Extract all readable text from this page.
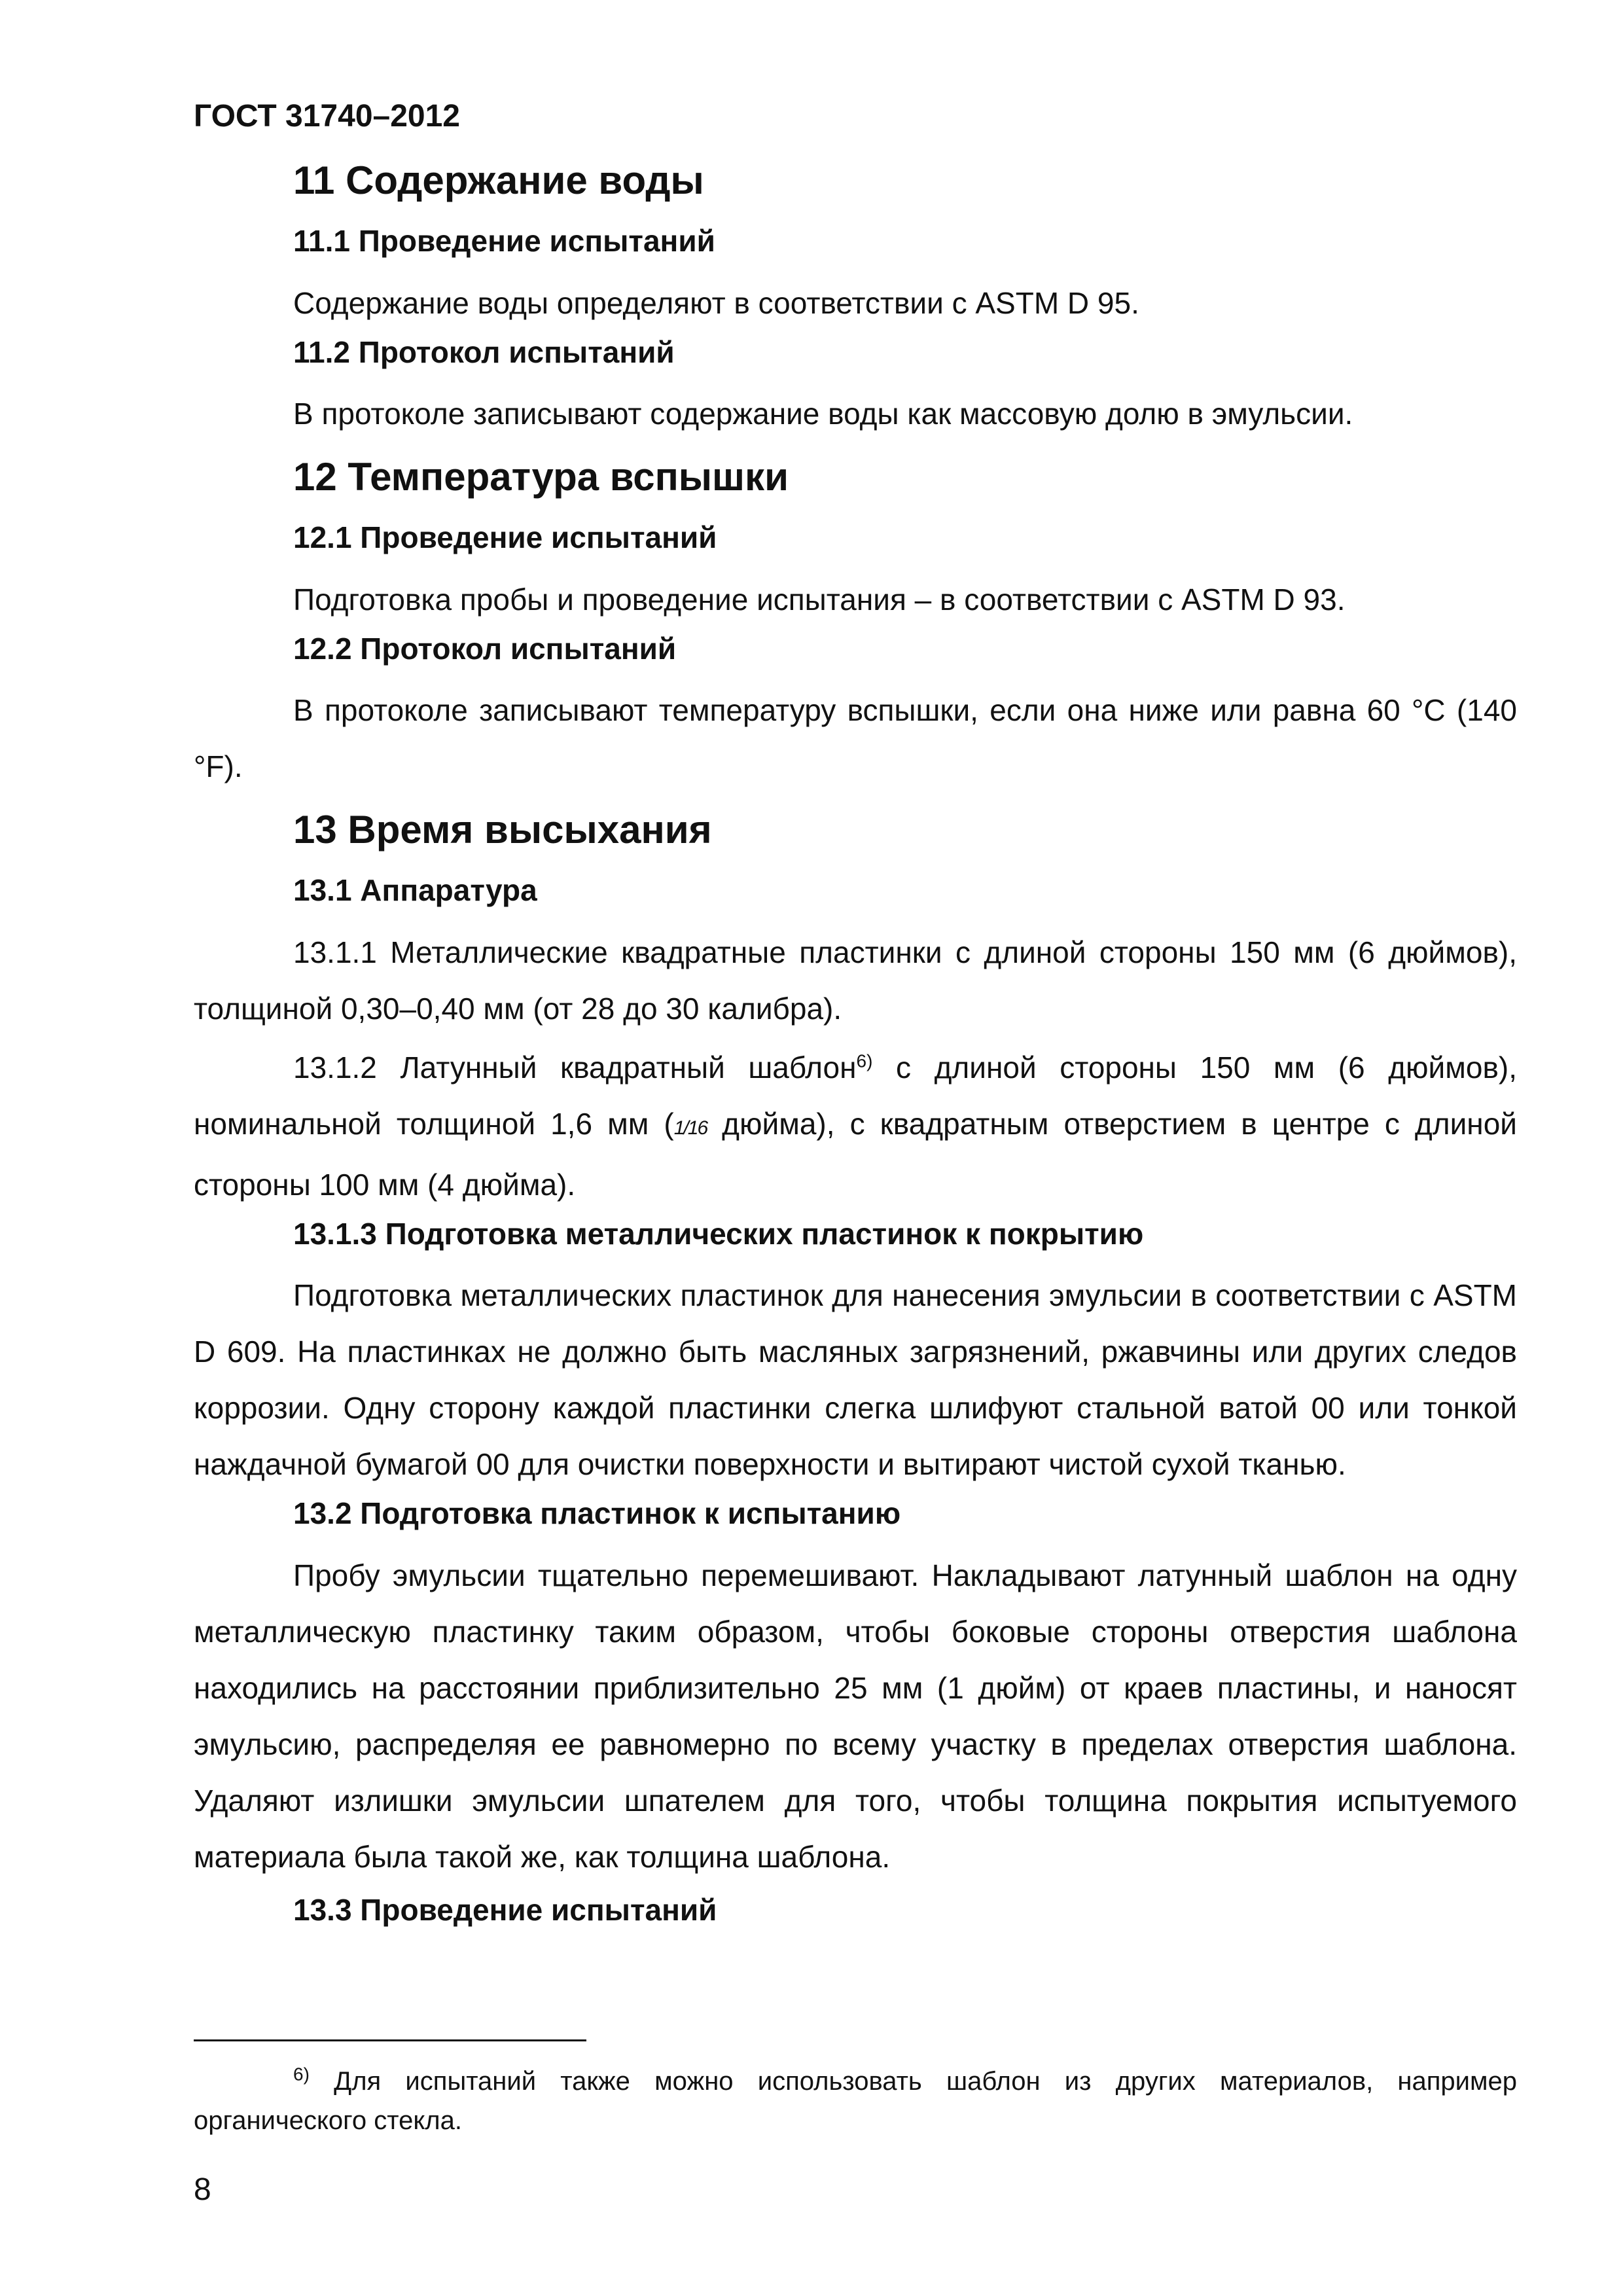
ГОСТ 31740–2012
11 Содержание воды
11.1 Проведение испытаний
Содержание воды определяют в соответствии с ASTM D 95.
11.2 Протокол испытаний
В протоколе записывают содержание воды как массовую долю в эмульсии.
12 Температура вспышки
12.1 Проведение испытаний
Подготовка пробы и проведение испытания – в соответствии с ASTM D 93.
12.2 Протокол испытаний
В протоколе записывают температуру вспышки, если она ниже или равна 60 °C (140 °F).
13 Время высыхания
13.1 Аппаратура
13.1.1 Металлические квадратные пластинки с длиной стороны 150 мм (6 дюймов), толщиной 0,30–0,40 мм (от 28 до 30 калибра).
13.1.2 Латунный квадратный шаблон$^{6)}$ с длиной стороны 150 мм (6 дюймов), номинальной толщиной 1,6 мм (1/16 дюйма), с квадратным отверстием в центре с длиной стороны 100 мм (4 дюйма).
13.1.3 Подготовка металлических пластинок к покрытию
Подготовка металлических пластинок для нанесения эмульсии в соответствии с ASTM D 609. На пластинках не должно быть масляных загрязнений, ржавчины или других следов коррозии. Одну сторону каждой пластинки слегка шлифуют стальной ватой 00 или тонкой наждачной бумагой 00 для очистки поверхности и вытирают чистой сухой тканью.
13.2 Подготовка пластинок к испытанию
Пробу эмульсии тщательно перемешивают. Накладывают латунный шаблон на одну металлическую пластинку таким образом, чтобы боковые стороны отверстия шаблона находились на расстоянии приблизительно 25 мм (1 дюйм) от краев пластины, и наносят эмульсию, распределяя ее равномерно по всему участку в пределах отверстия шаблона. Удаляют излишки эмульсии шпателем для того, чтобы толщина покрытия испытуемого материала была такой же, как толщина шаблона.
13.3 Проведение испытаний
$^{6)}$ Для испытаний также можно использовать шаблон из других материалов, например органического стекла.
8
